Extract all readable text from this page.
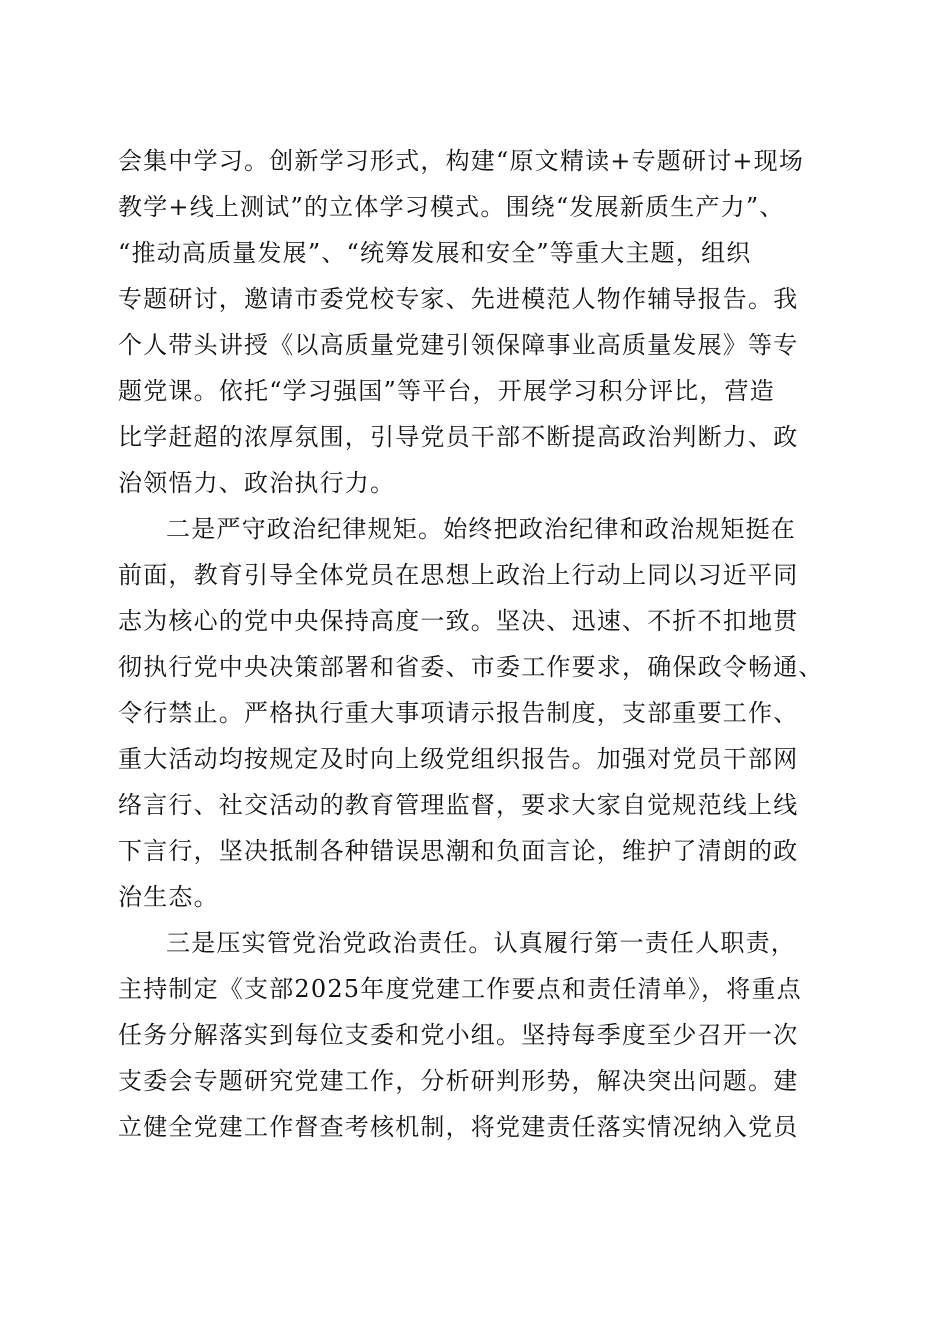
会集中学习。创新学习形式，构建“原文精读+专题研讨+现场
教学+线上测试”的立体学习模式。围绕“发展新质生产力”、
“推动高质量发展”、“统筹发展和安全”等重大主题，组织
专题研讨，邀请市委党校专家、先进模范人物作辅导报告。我
个人带头讲授《以高质量党建引领保障事业高质量发展》等专
题党课。依托“学习强国”等平台，开展学习积分评比，营造
比学赶超的浓厚氛围，引导党员干部不断提高政治判断力、政
治领悟力、政治执行力。
二是严守政治纪律规矩。始终把政治纪律和政治规矩挺在
前面，教育引导全体党员在思想上政治上行动上同以习近平同
志为核心的党中央保持高度一致。坚决、迅速、不折不扣地贯
彻执行党中央决策部署和省委、市委工作要求，确保政令畅通、
令行禁止。严格执行重大事项请示报告制度，支部重要工作、
重大活动均按规定及时向上级党组织报告。加强对党员干部网
络言行、社交活动的教育管理监督，要求大家自觉规范线上线
下言行，坚决抵制各种错误思潮和负面言论，维护了清朗的政
治生态。
三是压实管党治党政治责任。认真履行第一责任人职责，
主持制定《支部2025年度党建工作要点和责任清单》，将重点
任务分解落实到每位支委和党小组。坚持每季度至少召开一次
支委会专题研究党建工作，分析研判形势，解决突出问题。建
立健全党建工作督查考核机制，将党建责任落实情况纳入党员
